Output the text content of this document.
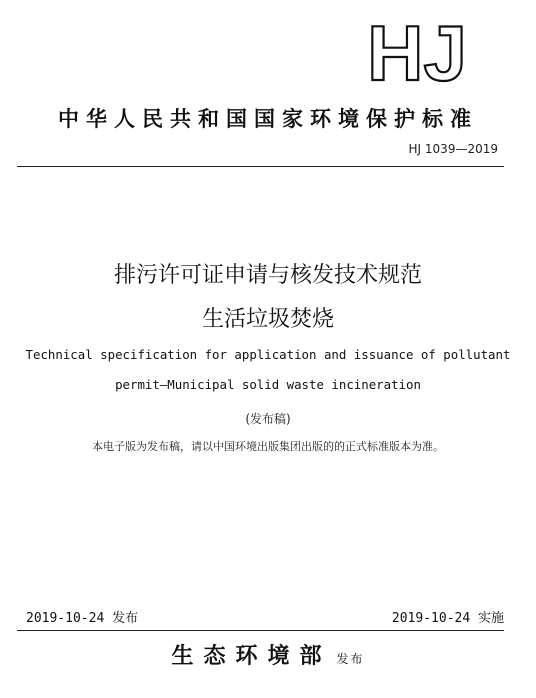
HJ
中华人民共和国国家环境保护标准
HJ 1039—2019
排污许可证申请与核发技术规范
生活垃圾焚烧
Technical specification for application and issuance of pollutant
permit—Municipal solid waste incineration
(发布稿)
本电子版为发布稿，请以中国环境出版集团出版的的正式标准版本为准。
2019-10-24 发布	2019-10-24 实施
生态环境部 发布
